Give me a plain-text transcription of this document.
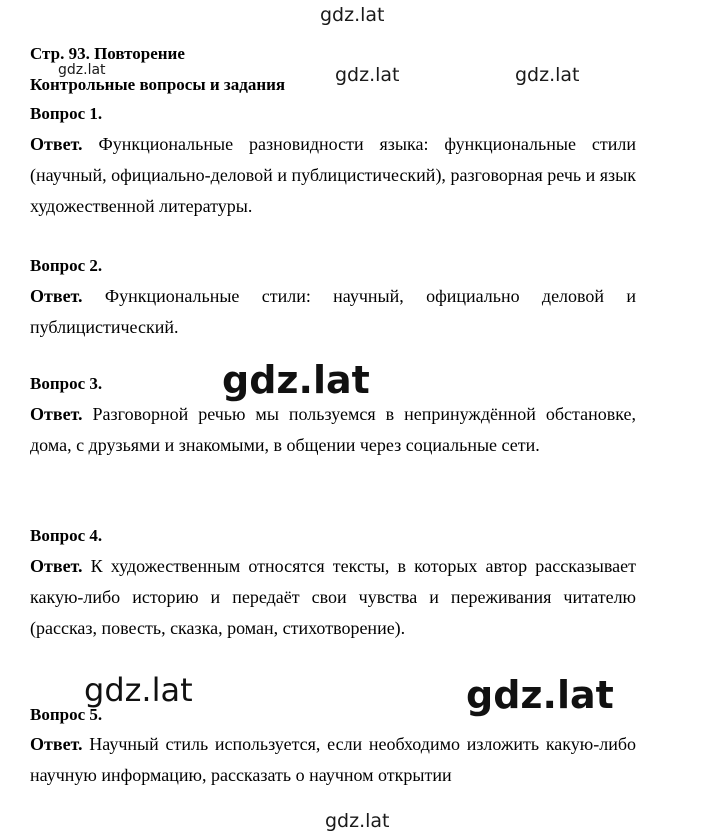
gdz.lat
gdz.lat	gdz.lat	gdz.lat
gdz.lat
gdz.lat	gdz.lat
gdz.lat
Стр. 93. Повторение
Контрольные вопросы и задания
Вопрос 1.
Ответ. Функциональные разновидности языка: функциональные стили (научный, официально-деловой и публицистический), разговорная речь и язык художественной литературы.
Вопрос 2.
Ответ. Функциональные стили: научный, официально деловой и публицистический.
Вопрос 3.
Ответ. Разговорной речью мы пользуемся в непринуждённой обстановке, дома, с друзьями и знакомыми, в общении через социальные сети.
Вопрос 4.
Ответ. К художественным относятся тексты, в которых автор рассказывает какую-либо историю и передаёт свои чувства и переживания читателю (рассказ, повесть, сказка, роман, стихотворение).
Вопрос 5.
Ответ. Научный стиль используется, если необходимо изложить какую-либо научную информацию, рассказать о научном открытии
